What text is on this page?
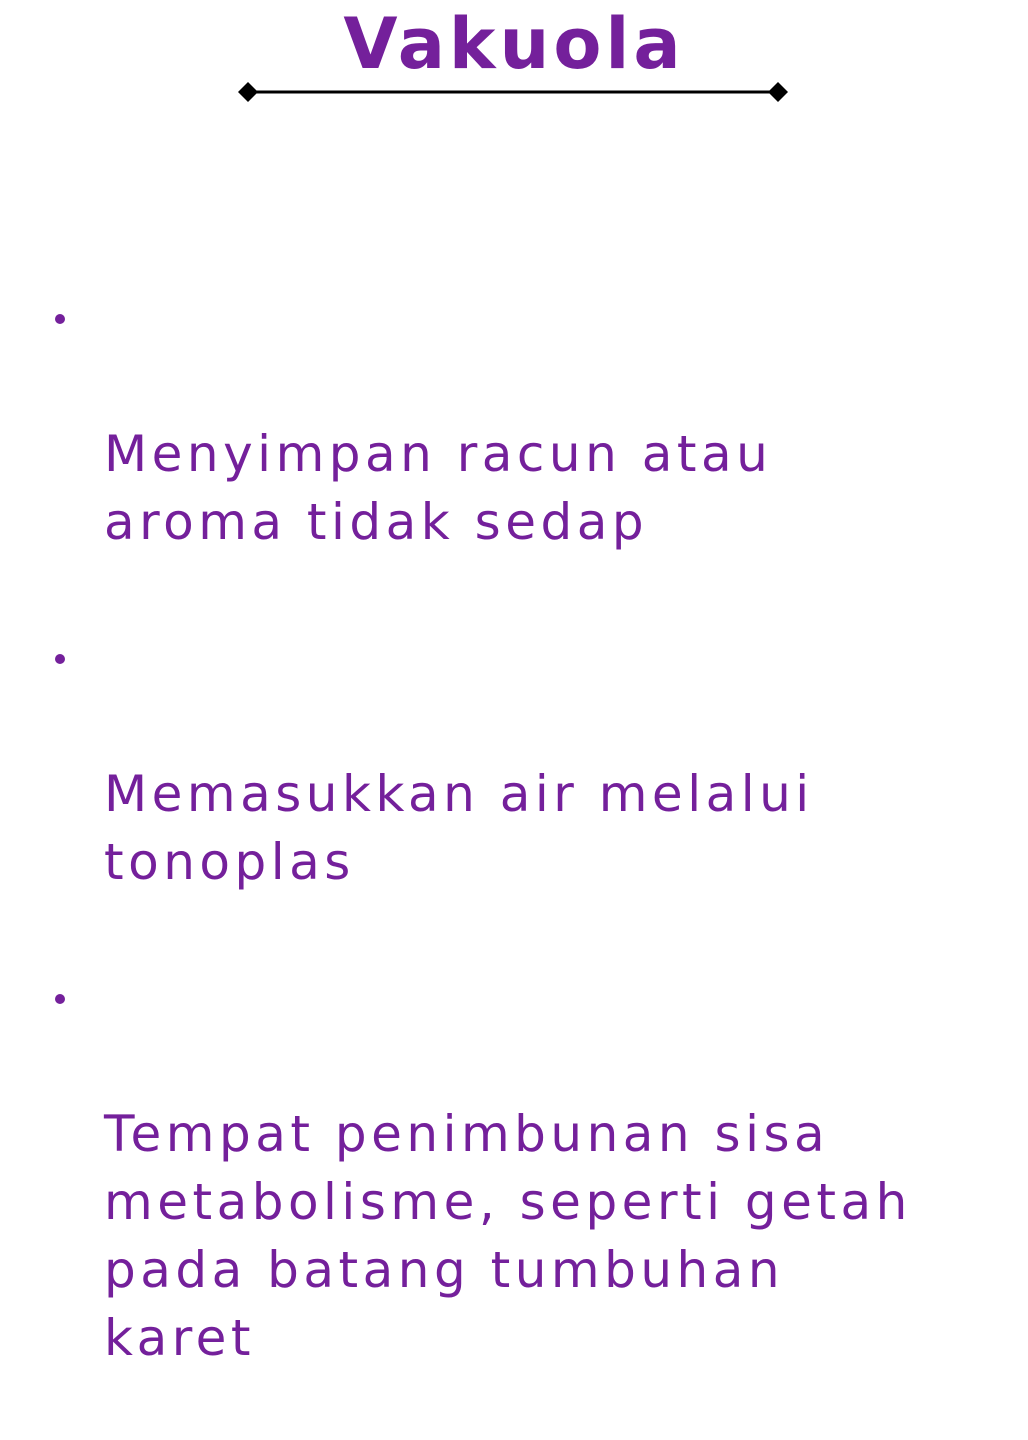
Vakuola

Menyimpan racun atau
aroma tidak sedap

Memasukkan air melalui
tonoplas

Tempat penimbunan sisa
metabolisme, seperti getah
pada batang tumbuhan
karet
